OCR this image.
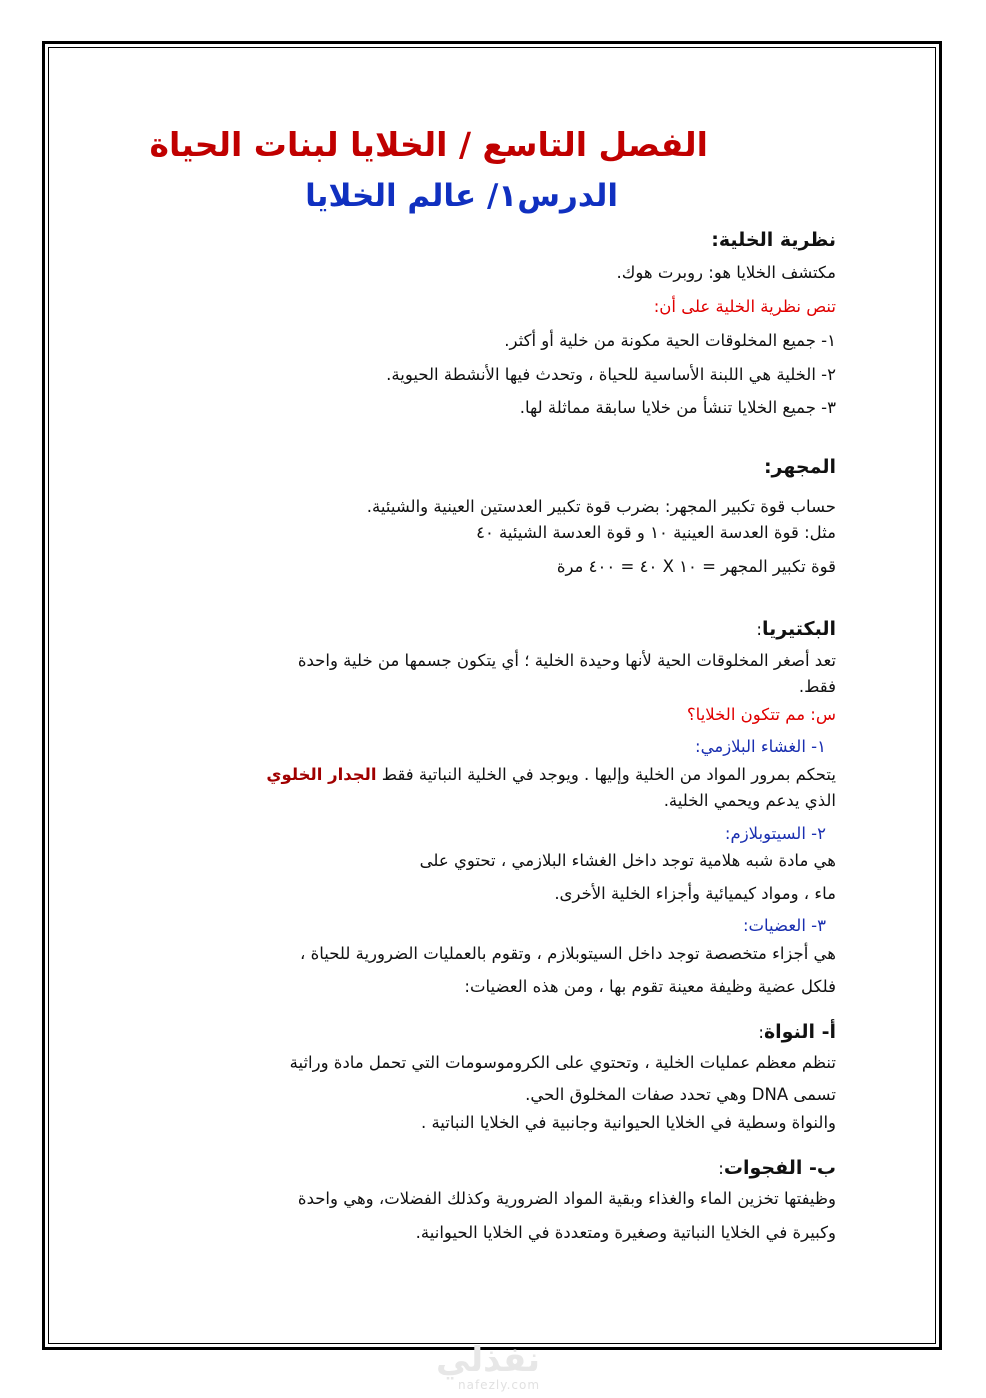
الفصل التاسع / الخلايا لبنات الحياة
الدرس١/ عالم الخلايا
نظرية الخلية:
مكتشف الخلايا هو: روبرت هوك.
تنص نظرية الخلية على أن:
١- جميع المخلوقات الحية مكونة من خلية أو أكثر.
٢- الخلية هي اللبنة الأساسية للحياة ، وتحدث فيها الأنشطة الحيوية.
٣- جميع الخلايا تنشأ من خلايا سابقة مماثلة لها.
المجهر:
حساب قوة تكبير المجهر: بضرب قوة تكبير العدستين العينية والشيئية.
مثل: قوة العدسة العينية ١٠ و قوة العدسة الشيئية ٤٠
قوة تكبير المجهر = ١٠ X ٤٠ = ٤٠٠ مرة
البكتيريا:
تعد أصغر المخلوقات الحية لأنها وحيدة الخلية ؛ أي يتكون جسمها من خلية واحدة
فقط.
س: مم تتكون الخلايا؟
١- الغشاء البلازمي:
يتحكم بمرور المواد من الخلية وإليها . ويوجد في الخلية النباتية فقط الجدار الخلوي
الذي يدعم ويحمي الخلية.
٢- السيتوبلازم:
هي مادة شبه هلامية توجد داخل الغشاء البلازمي ، تحتوي على
ماء ، ومواد كيميائية وأجزاء الخلية الأخرى.
٣- العضيات:
هي أجزاء متخصصة توجد داخل السيتوبلازم ، وتقوم بالعمليات الضرورية للحياة ،
فلكل عضية وظيفة معينة تقوم بها ، ومن هذه العضيات:
أ- النواة:
تنظم معظم عمليات الخلية ، وتحتوي على الكروموسومات التي تحمل مادة وراثية
تسمى DNA وهي تحدد صفات المخلوق الحي.
والنواة وسطية في الخلايا الحيوانية وجانبية في الخلايا النباتية .
ب- الفجوات:
وظيفتها تخزين الماء والغذاء وبقية المواد الضرورية وكذلك الفضلات، وهي واحدة
وكبيرة في الخلايا النباتية وصغيرة ومتعددة في الخلايا الحيوانية.
نفذلي
nafezly.com
